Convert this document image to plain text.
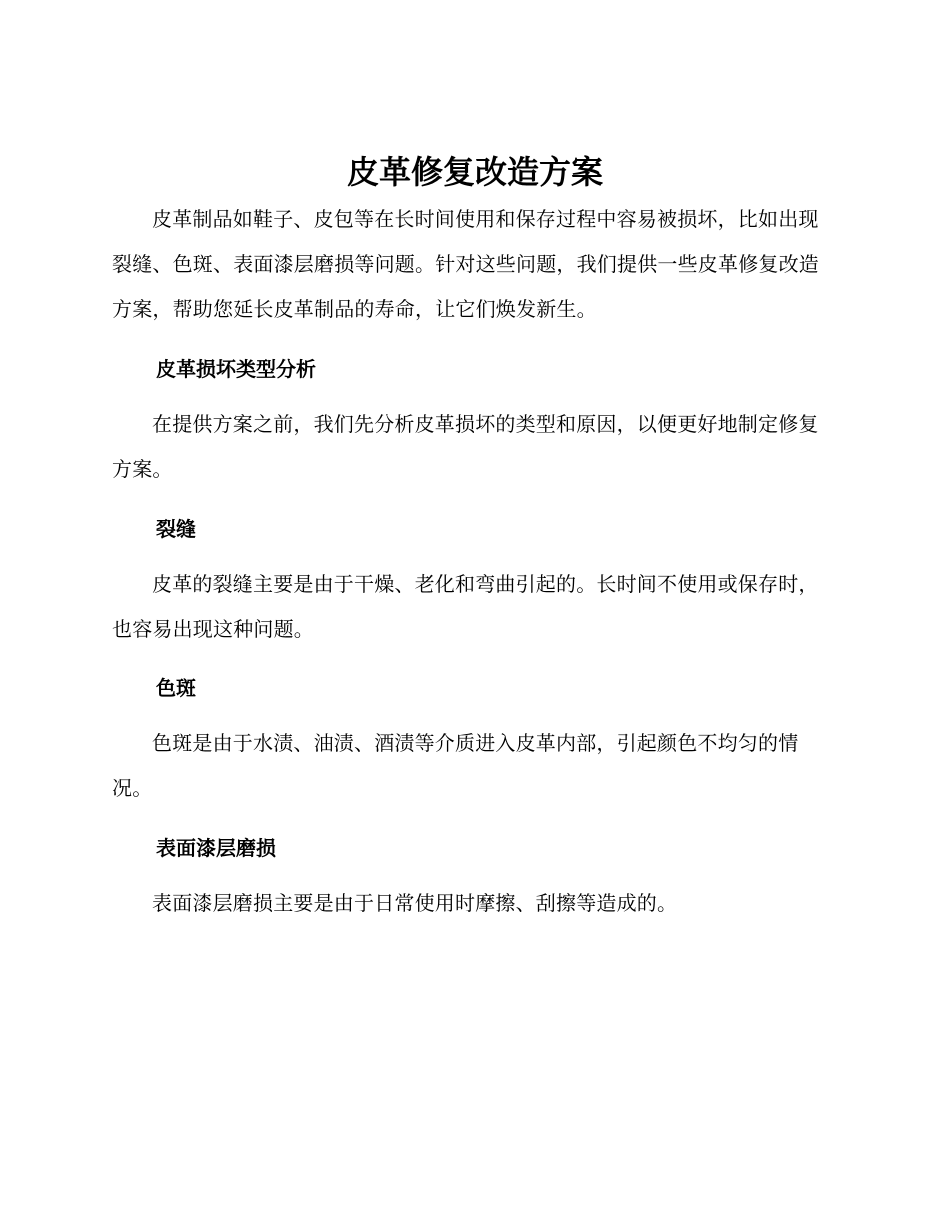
皮革修复改造方案

皮革制品如鞋子、皮包等在长时间使用和保存过程中容易被损坏，比如出现裂缝、色斑、表面漆层磨损等问题。针对这些问题，我们提供一些皮革修复改造方案，帮助您延长皮革制品的寿命，让它们焕发新生。

皮革损坏类型分析

在提供方案之前，我们先分析皮革损坏的类型和原因，以便更好地制定修复方案。

裂缝

皮革的裂缝主要是由于干燥、老化和弯曲引起的。长时间不使用或保存时，也容易出现这种问题。

色斑

色斑是由于水渍、油渍、酒渍等介质进入皮革内部，引起颜色不均匀的情况。

表面漆层磨损

表面漆层磨损主要是由于日常使用时摩擦、刮擦等造成的。
